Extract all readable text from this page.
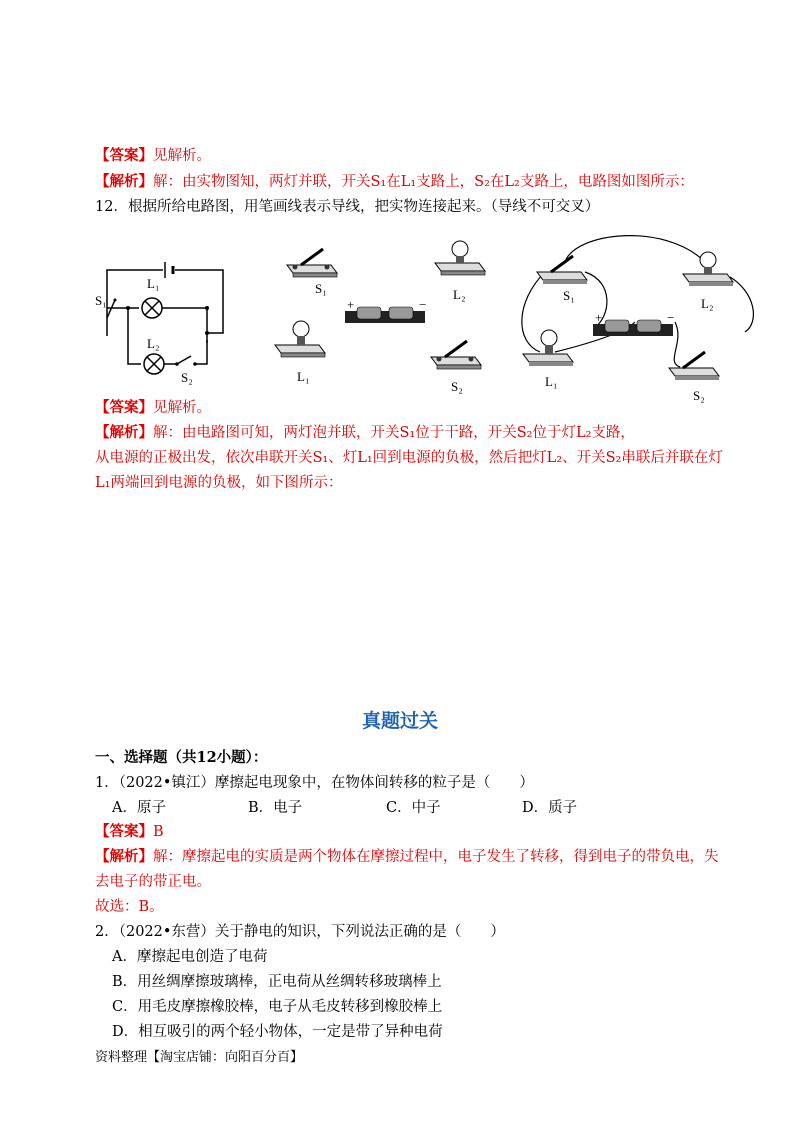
【答案】见解析。
【解析】解：由实物图知，两灯并联，开关S₁在L₁支路上，S₂在L₂支路上，电路图如图所示：
12．根据所给电路图，用笔画线表示导线，把实物连接起来。（导线不可交叉）
S₁
L₁
L₂
S₂
S₁	L₂
+	−
L₁
S₂
S₁
L₂
+	−
L₁
S₂
【答案】见解析。
【解析】解：由电路图可知，两灯泡并联，开关S₁位于干路，开关S₂位于灯L₂支路，
从电源的正极出发，依次串联开关S₁、灯L₁回到电源的负极，然后把灯L₂、开关S₂串联后并联在灯
L₁两端回到电源的负极，如下图所示：
真题过关
一、选择题（共12小题）：
1．（2022•镇江）摩擦起电现象中，在物体间转移的粒子是（　　）
A．原子	B．电子	C．中子	D．质子
【答案】B
【解析】解：摩擦起电的实质是两个物体在摩擦过程中，电子发生了转移，得到电子的带负电，失
去电子的带正电。
故选：B。
2．（2022•东营）关于静电的知识，下列说法正确的是（　　）
A．摩擦起电创造了电荷
B．用丝绸摩擦玻璃棒，正电荷从丝绸转移玻璃棒上
C．用毛皮摩擦橡胶棒，电子从毛皮转移到橡胶棒上
D．相互吸引的两个轻小物体，一定是带了异种电荷
资料整理【淘宝店铺：向阳百分百】
